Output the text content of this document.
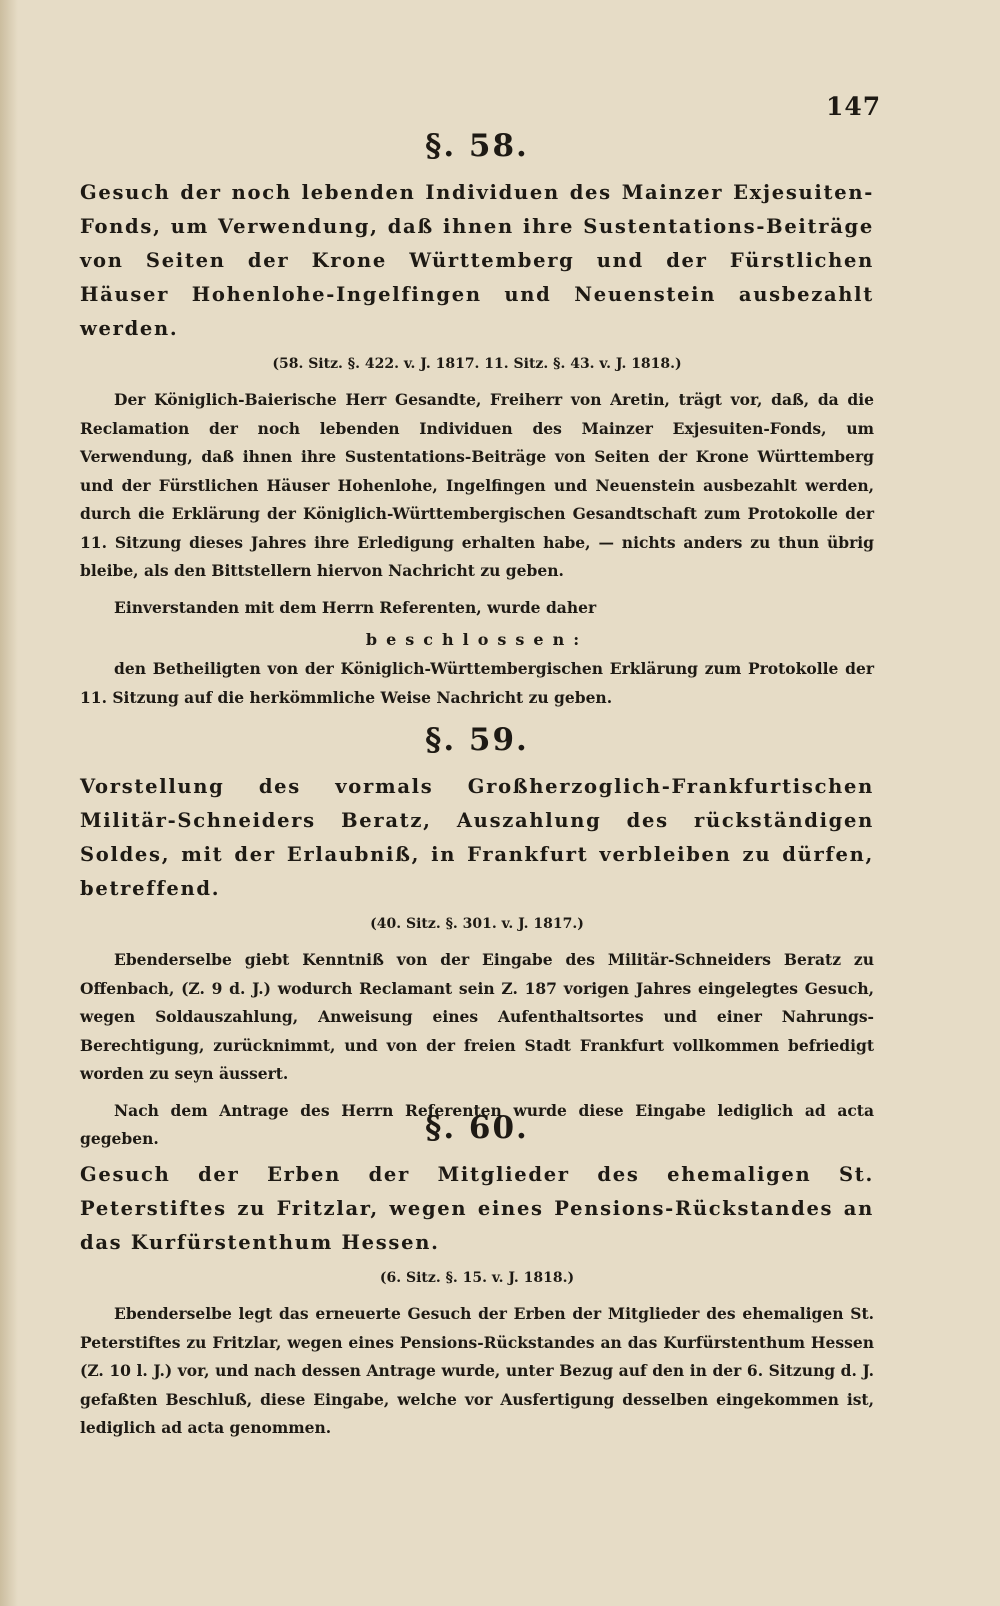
147
§. 58.

Gesuch der noch lebenden Individuen des Mainzer Exjesuiten-Fonds, um Verwendung, daß ihnen ihre Sustentations-Beiträge von Seiten der Krone Württemberg und der Fürstlichen Häuser Hohenlohe-Ingelfingen und Neuenstein ausbezahlt werden.

(58. Sitz. §. 422. v. J. 1817. 11. Sitz. §. 43. v. J. 1818.)

Der Königlich-Baierische Herr Gesandte, Freiherr von Aretin, trägt vor, daß, da die Reclamation der noch lebenden Individuen des Mainzer Exjesuiten-Fonds, um Verwendung, daß ihnen ihre Sustentations-Beiträge von Seiten der Krone Württemberg und der Fürstlichen Häuser Hohenlohe, Ingelfingen und Neuenstein ausbezahlt werden, durch die Erklärung der Königlich-Württembergischen Gesandtschaft zum Protokolle der 11. Sitzung dieses Jahres ihre Erledigung erhalten habe, — nichts anders zu thun übrig bleibe, als den Bittstellern hiervon Nachricht zu geben.

Einverstanden mit dem Herrn Referenten, wurde daher

beschlossen:

den Betheiligten von der Königlich-Württembergischen Erklärung zum Protokolle der 11. Sitzung auf die herkömmliche Weise Nachricht zu geben.

§. 59.

Vorstellung des vormals Großherzoglich-Frankfurtischen Militär-Schneiders Beratz, Auszahlung des rückständigen Soldes, mit der Erlaubniß, in Frankfurt verbleiben zu dürfen, betreffend.

(40. Sitz. §. 301. v. J. 1817.)

Ebenderselbe giebt Kenntniß von der Eingabe des Militär-Schneiders Beratz zu Offenbach, (Z. 9 d. J.) wodurch Reclamant sein Z. 187 vorigen Jahres eingelegtes Gesuch, wegen Soldauszahlung, Anweisung eines Aufenthaltsortes und einer Nahrungs-Berechtigung, zurücknimmt, und von der freien Stadt Frankfurt vollkommen befriedigt worden zu seyn äussert.

Nach dem Antrage des Herrn Referenten wurde diese Eingabe lediglich ad acta gegeben.	§. 60.

Gesuch der Erben der Mitglieder des ehemaligen St. Peterstiftes zu Fritzlar, wegen eines Pensions-Rückstandes an das Kurfürstenthum Hessen.

(6. Sitz. §. 15. v. J. 1818.)

Ebenderselbe legt das erneuerte Gesuch der Erben der Mitglieder des ehemaligen St. Peterstiftes zu Fritzlar, wegen eines Pensions-Rückstandes an das Kurfürstenthum Hessen (Z. 10 l. J.) vor, und nach dessen Antrage wurde, unter Bezug auf den in der 6. Sitzung d. J. gefaßten Beschluß, diese Eingabe, welche vor Ausfertigung desselben eingekommen ist, lediglich ad acta genommen.
